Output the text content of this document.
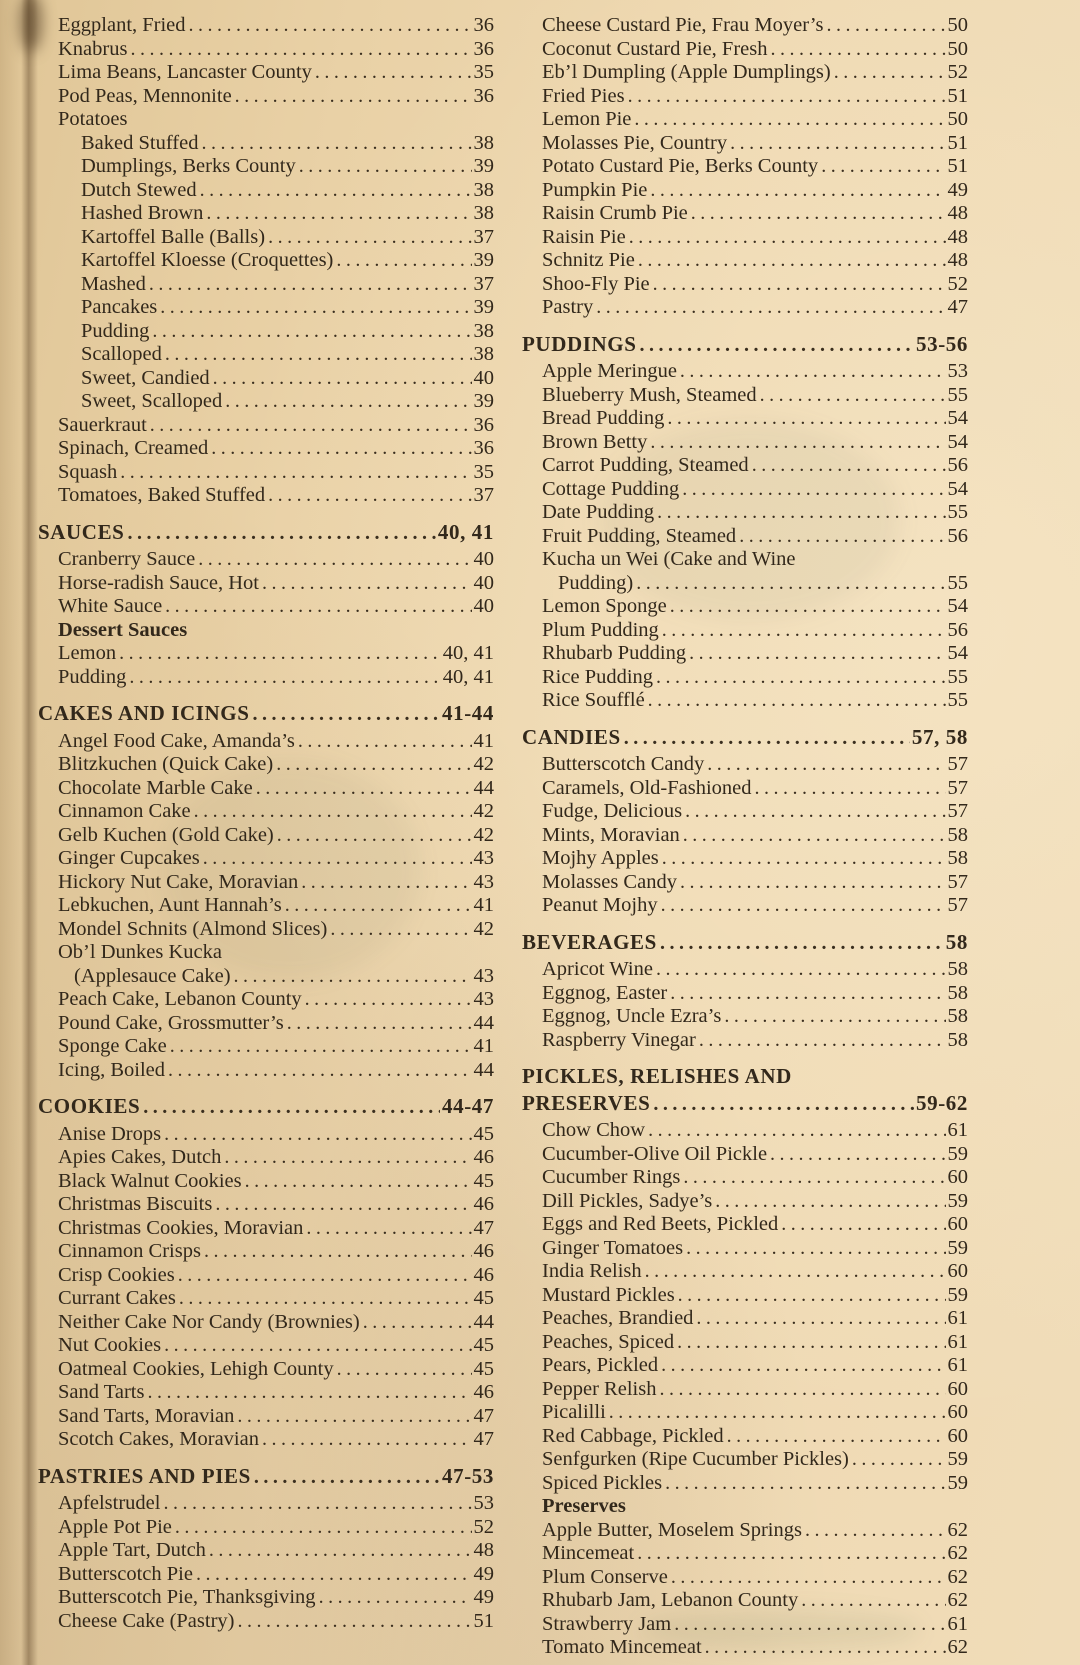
Eggplant, Fried .....	36
Knabrus .....	36
Lima Beans, Lancaster County .....	35
Pod Peas, Mennonite .....	36
Potatoes
Baked Stuffed .....	38
Dumplings, Berks County .....	39
Dutch Stewed .....	38
Hashed Brown .....	38
Kartoffel Balle (Balls) .....	37
Kartoffel Kloesse (Croquettes) .....	39
Mashed .....	37
Pancakes .....	39
Pudding .....	38
Scalloped .....	38
Sweet, Candied .....	40
Sweet, Scalloped .....	39
Sauerkraut .....	36
Spinach, Creamed .....	36
Squash .....	35
Tomatoes, Baked Stuffed .....	37
SAUCES .....	40, 41
Cranberry Sauce .....	40
Horse-radish Sauce, Hot .....	40
White Sauce .....	40
Dessert Sauces
Lemon .....	40, 41
Pudding .....	40, 41
CAKES AND ICINGS .....	41-44
Angel Food Cake, Amanda’s .....	41
Blitzkuchen (Quick Cake) .....	42
Chocolate Marble Cake .....	44
Cinnamon Cake .....	42
Gelb Kuchen (Gold Cake) .....	42
Ginger Cupcakes .....	43
Hickory Nut Cake, Moravian .....	43
Lebkuchen, Aunt Hannah’s .....	41
Mondel Schnits (Almond Slices) .....	42
Ob’l Dunkes Kucka
(Applesauce Cake) .....	43
Peach Cake, Lebanon County .....	43
Pound Cake, Grossmutter’s .....	44
Sponge Cake .....	41
Icing, Boiled .....	44
COOKIES .....	44-47
Anise Drops .....	45
Apies Cakes, Dutch .....	46
Black Walnut Cookies .....	45
Christmas Biscuits .....	46
Christmas Cookies, Moravian .....	47
Cinnamon Crisps .....	46
Crisp Cookies .....	46
Currant Cakes .....	45
Neither Cake Nor Candy (Brownies) .....	44
Nut Cookies .....	45
Oatmeal Cookies, Lehigh County .....	45
Sand Tarts .....	46
Sand Tarts, Moravian .....	47
Scotch Cakes, Moravian .....	47
PASTRIES AND PIES .....	47-53
Apfelstrudel .....	53
Apple Pot Pie .....	52
Apple Tart, Dutch .....	48
Butterscotch Pie .....	49
Butterscotch Pie, Thanksgiving .....	49
Cheese Cake (Pastry) .....	51
Cheese Custard Pie, Frau Moyer’s .....	50
Coconut Custard Pie, Fresh .....	50
Eb’l Dumpling (Apple Dumplings) .....	52
Fried Pies .....	51
Lemon Pie .....	50
Molasses Pie, Country .....	51
Potato Custard Pie, Berks County .....	51
Pumpkin Pie .....	49
Raisin Crumb Pie .....	48
Raisin Pie .....	48
Schnitz Pie .....	48
Shoo-Fly Pie .....	52
Pastry .....	47
PUDDINGS .....	53-56
Apple Meringue .....	53
Blueberry Mush, Steamed .....	55
Bread Pudding .....	54
Brown Betty .....	54
Carrot Pudding, Steamed .....	56
Cottage Pudding .....	54
Date Pudding .....	55
Fruit Pudding, Steamed .....	56
Kucha un Wei (Cake and Wine
Pudding) .....	55
Lemon Sponge .....	54
Plum Pudding .....	56
Rhubarb Pudding .....	54
Rice Pudding .....	55
Rice Soufflé .....	55
CANDIES .....	57, 58
Butterscotch Candy .....	57
Caramels, Old-Fashioned .....	57
Fudge, Delicious .....	57
Mints, Moravian .....	58
Mojhy Apples .....	58
Molasses Candy .....	57
Peanut Mojhy .....	57
BEVERAGES .....	58
Apricot Wine .....	58
Eggnog, Easter .....	58
Eggnog, Uncle Ezra’s .....	58
Raspberry Vinegar .....	58
PICKLES, RELISHES AND
PRESERVES .....	59-62
Chow Chow .....	61
Cucumber-Olive Oil Pickle .....	59
Cucumber Rings .....	60
Dill Pickles, Sadye’s .....	59
Eggs and Red Beets, Pickled .....	60
Ginger Tomatoes .....	59
India Relish .....	60
Mustard Pickles .....	59
Peaches, Brandied .....	61
Peaches, Spiced .....	61
Pears, Pickled .....	61
Pepper Relish .....	60
Picalilli .....	60
Red Cabbage, Pickled .....	60
Senfgurken (Ripe Cucumber Pickles) .....	59
Spiced Pickles .....	59
Preserves
Apple Butter, Moselem Springs .....	62
Mincemeat .....	62
Plum Conserve .....	62
Rhubarb Jam, Lebanon County .....	62
Strawberry Jam .....	61
Tomato Mincemeat .....	62
